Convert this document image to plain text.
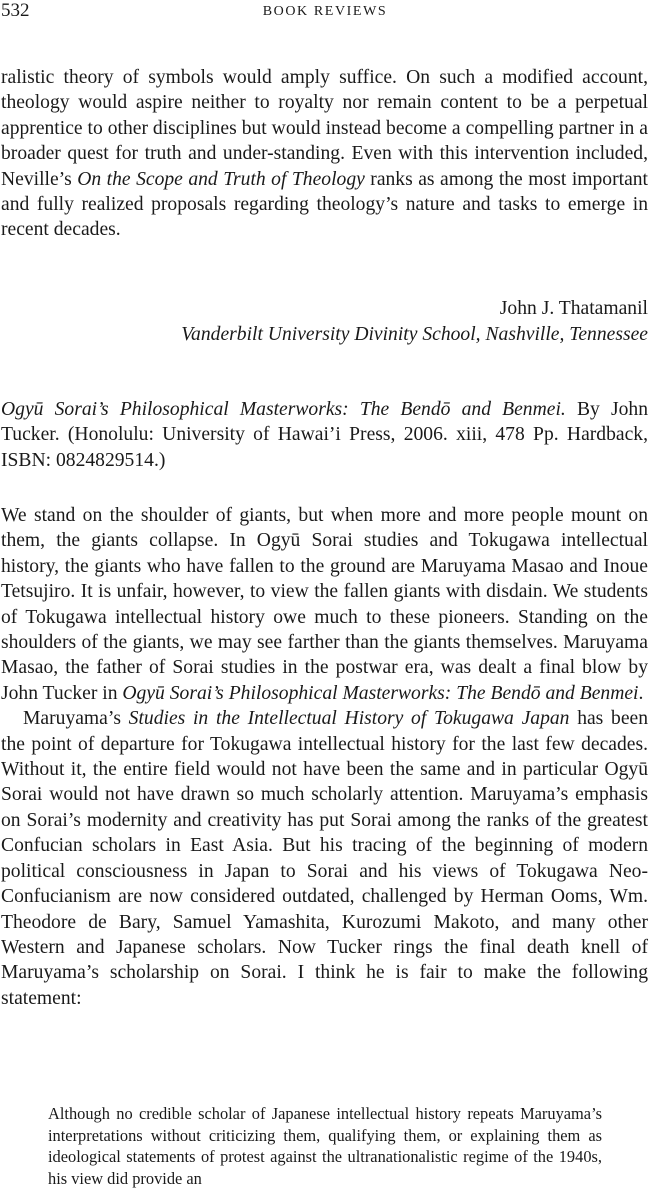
532	BOOK REVIEWS

ralistic theory of symbols would amply suffice. On such a modified account, theology would aspire neither to royalty nor remain content to be a perpetual apprentice to other disciplines but would instead become a compelling partner in a broader quest for truth and under-standing. Even with this intervention included, Neville’s On the Scope and Truth of Theology ranks as among the most important and fully realized proposals regarding theology’s nature and tasks to emerge in recent decades.

John J. Thatamanil
Vanderbilt University Divinity School, Nashville, Tennessee

Ogyū Sorai’s Philosophical Masterworks: The Bendō and Benmei. By John Tucker. (Honolulu: University of Hawai’i Press, 2006. xiii, 478 Pp. Hardback, ISBN: 0824829514.)

We stand on the shoulder of giants, but when more and more people mount on them, the giants collapse. In Ogyū Sorai studies and Tokugawa intellectual history, the giants who have fallen to the ground are Maruyama Masao and Inoue Tetsujiro. It is unfair, however, to view the fallen giants with disdain. We students of Tokugawa intellectual history owe much to these pioneers. Standing on the shoulders of the giants, we may see farther than the giants themselves. Maruyama Masao, the father of Sorai studies in the postwar era, was dealt a final blow by John Tucker in Ogyū Sorai’s Philosophical Masterworks: The Bendō and Benmei.

Maruyama’s Studies in the Intellectual History of Tokugawa Japan has been the point of departure for Tokugawa intellectual history for the last few decades. Without it, the entire field would not have been the same and in particular Ogyū Sorai would not have drawn so much scholarly attention. Maruyama’s emphasis on Sorai’s modernity and creativity has put Sorai among the ranks of the greatest Confucian scholars in East Asia. But his tracing of the beginning of modern political consciousness in Japan to Sorai and his views of Tokugawa Neo-Confucianism are now considered outdated, challenged by Herman Ooms, Wm. Theodore de Bary, Samuel Yamashita, Kurozumi Makoto, and many other Western and Japanese scholars. Now Tucker rings the final death knell of Maruyama’s scholarship on Sorai. I think he is fair to make the following statement:

Although no credible scholar of Japanese intellectual history repeats Maruyama’s interpretations without criticizing them, qualifying them, or explaining them as ideological statements of protest against the ultranationalistic regime of the 1940s, his view did provide an
